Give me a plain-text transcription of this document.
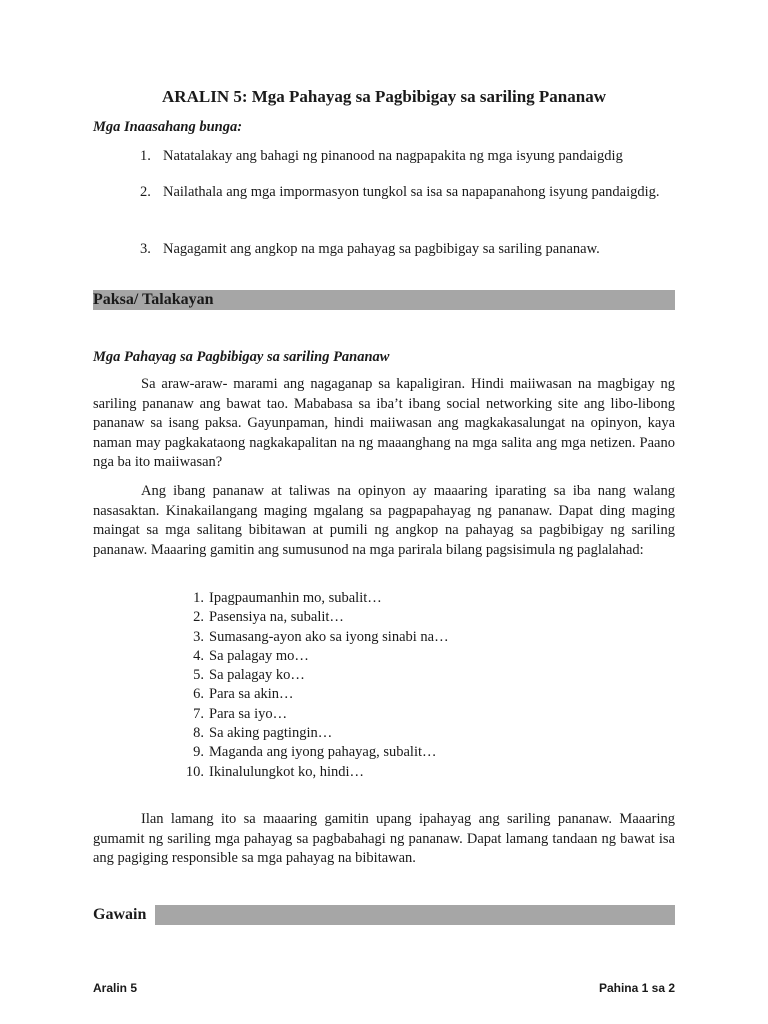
ARALIN 5: Mga Pahayag sa Pagbibigay sa sariling Pananaw
Mga Inaasahang bunga:
1. Natatalakay ang bahagi ng pinanood na nagpapakita ng mga isyung pandaigdig
2. Nailathala ang mga impormasyon tungkol sa isa sa napapanahong isyung pandaigdig.
3. Nagagamit ang angkop na mga pahayag sa pagbibigay sa sariling pananaw.
Paksa/ Talakayan
Mga Pahayag sa Pagbibigay sa sariling Pananaw

Sa araw-araw- marami ang nagaganap sa kapaligiran. Hindi maiiwasan na magbigay ng sariling pananaw ang bawat tao. Mababasa sa iba’t ibang social networking site ang libo-libong pananaw sa isang paksa. Gayunpaman, hindi maiiwasan ang magkakasalungat na opinyon, kaya naman may pagkakataong nagkakapalitan na ng maaanghang na mga salita ang mga netizen. Paano nga ba ito maiiwasan?

Ang ibang pananaw at taliwas na opinyon ay maaaring iparating sa iba nang walang nasasaktan. Kinakailangang maging mgalang sa pagpapahayag ng pananaw. Dapat ding maging maingat sa mga salitang bibitawan at pumili ng angkop na pahayag sa pagbibigay ng sariling pananaw. Maaaring gamitin ang sumusunod na mga parirala bilang pagsisimula ng paglalahad:

1. Ipagpaumanhin mo, subalit…
2. Pasensiya na, subalit…
3. Sumasang-ayon ako sa iyong sinabi na…
4. Sa palagay mo…
5. Sa palagay ko…
6. Para sa akin…
7. Para sa iyo…
8. Sa aking pagtingin…
9. Maganda ang iyong pahayag, subalit…
10. Ikinalulungkot ko, hindi…

Ilan lamang ito sa maaaring gamitin upang ipahayag ang sariling pananaw. Maaaring gumamit ng sariling mga pahayag sa pagbabahagi ng pananaw. Dapat lamang tandaan ng bawat isa ang pagiging responsible sa mga pahayag na bibitawan.

Gawain
Aralin 5	Pahina 1 sa 2
